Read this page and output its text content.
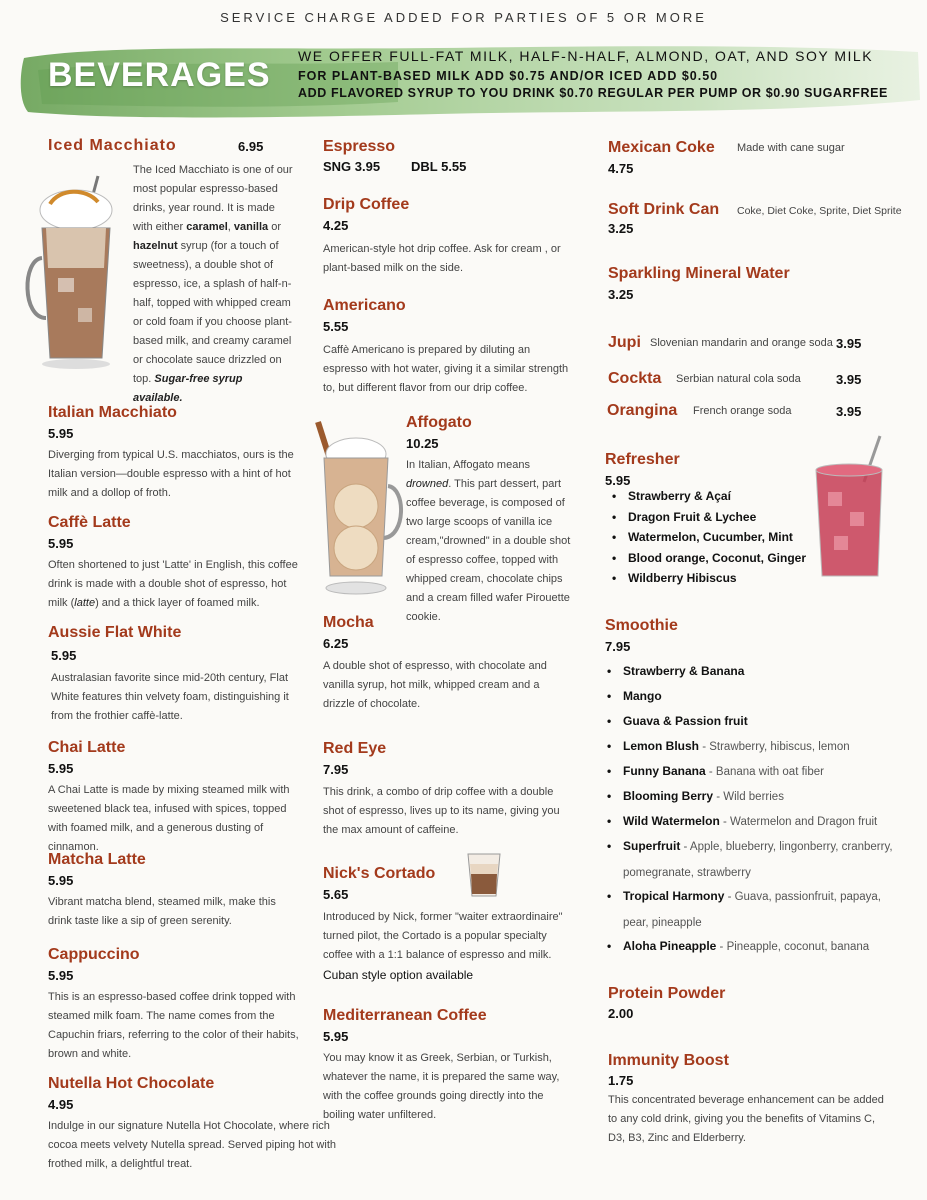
SERVICE CHARGE ADDED FOR PARTIES OF 5 OR MORE
BEVERAGES WE OFFER FULL-FAT MILK, HALF-N-HALF, ALMOND, OAT, AND SOY MILK
FOR PLANT-BASED MILK ADD $0.75 AND/OR ICED ADD $0.50
ADD FLAVORED SYRUP TO YOU DRINK $0.70 REGULAR PER PUMP OR $0.90 SUGARFREE
Iced Macchiato	6.95
The Iced Macchiato is one of our most popular espresso-based drinks, year round. It is made with either caramel, vanilla or hazelnut syrup (for a touch of sweetness), a double shot of espresso, ice, a splash of half-n-half, topped with whipped cream or cold foam if you choose plant-based milk, and creamy caramel or chocolate sauce drizzled on top. Sugar-free syrup available.
Italian Macchiato
5.95
Diverging from typical U.S. macchiatos, ours is the Italian version—double espresso with a hint of hot milk and a dollop of froth.
Caffè Latte
5.95
Often shortened to just 'Latte' in English, this coffee drink is made with a double shot of espresso, hot milk (latte) and a thick layer of foamed milk.
Aussie Flat White
5.95
Australasian favorite since mid-20th century, Flat White features thin velvety foam, distinguishing it from the frothier caffè-latte.
Chai Latte
5.95
A Chai Latte is made by mixing steamed milk with sweetened black tea, infused with spices, topped with foamed milk, and a generous dusting of cinnamon.
Matcha Latte
5.95
Vibrant matcha blend, steamed milk, make this drink taste like a sip of green serenity.
Cappuccino
5.95
This is an espresso-based coffee drink topped with steamed milk foam. The name comes from the Capuchin friars, referring to the color of their habits, brown and white.
Nutella Hot Chocolate
4.95
Indulge in our signature Nutella Hot Chocolate, where rich cocoa meets velvety Nutella spread. Served piping hot with frothed milk, a delightful treat.
Espresso
SNG 3.95 DBL 5.55
Drip Coffee
4.25
American-style hot drip coffee. Ask for cream , or plant-based milk on the side.
Americano
5.55
Caffè Americano is prepared by diluting an espresso with hot water, giving it a similar strength to, but different flavor from our drip coffee.
Affogato
10.25
In Italian, Affogato means drowned. This part dessert, part coffee beverage, is composed of two large scoops of vanilla ice cream,"drowned" in a double shot of espresso coffee, topped with whipped cream, chocolate chips and a cream filled wafer Pirouette cookie.
Mocha
6.25
A double shot of espresso, with chocolate and vanilla syrup, hot milk, whipped cream and a drizzle of chocolate.
Red Eye
7.95
This drink, a combo of drip coffee with a double shot of espresso, lives up to its name, giving you the max amount of caffeine.
Nick's Cortado
5.65
Introduced by Nick, former "waiter extraordinaire" turned pilot, the Cortado is a popular specialty coffee with a 1:1 balance of espresso and milk.
Cuban style option available
Mediterranean Coffee
5.95
You may know it as Greek, Serbian, or Turkish, whatever the name, it is prepared the same way, with the coffee grounds going directly into the boiling water unfiltered.
Mexican Coke Made with cane sugar
4.75
Soft Drink Can Coke, Diet Coke, Sprite, Diet Sprite
3.25
Sparkling Mineral Water
3.25
Jupi Slovenian mandarin and orange soda 3.95
Cockta Serbian natural cola soda	3.95
Orangina French orange soda	3.95
Refresher
5.95
• Strawberry & Açaí
• Dragon Fruit & Lychee
• Watermelon, Cucumber, Mint
• Blood orange, Coconut, Ginger
• Wildberry Hibiscus
Smoothie
7.95
• Strawberry & Banana
• Mango
• Guava & Passion fruit
• Lemon Blush - Strawberry, hibiscus, lemon
• Funny Banana - Banana with oat fiber
• Blooming Berry - Wild berries
• Wild Watermelon - Watermelon and Dragon fruit
• Superfruit - Apple, blueberry, lingonberry, cranberry, pomegranate, strawberry
• Tropical Harmony - Guava, passionfruit, papaya, pear, pineapple
• Aloha Pineapple - Pineapple, coconut, banana
Protein Powder
2.00
Immunity Boost
1.75
This concentrated beverage enhancement can be added to any cold drink, giving you the benefits of Vitamins C, D3, B3, Zinc and Elderberry.
